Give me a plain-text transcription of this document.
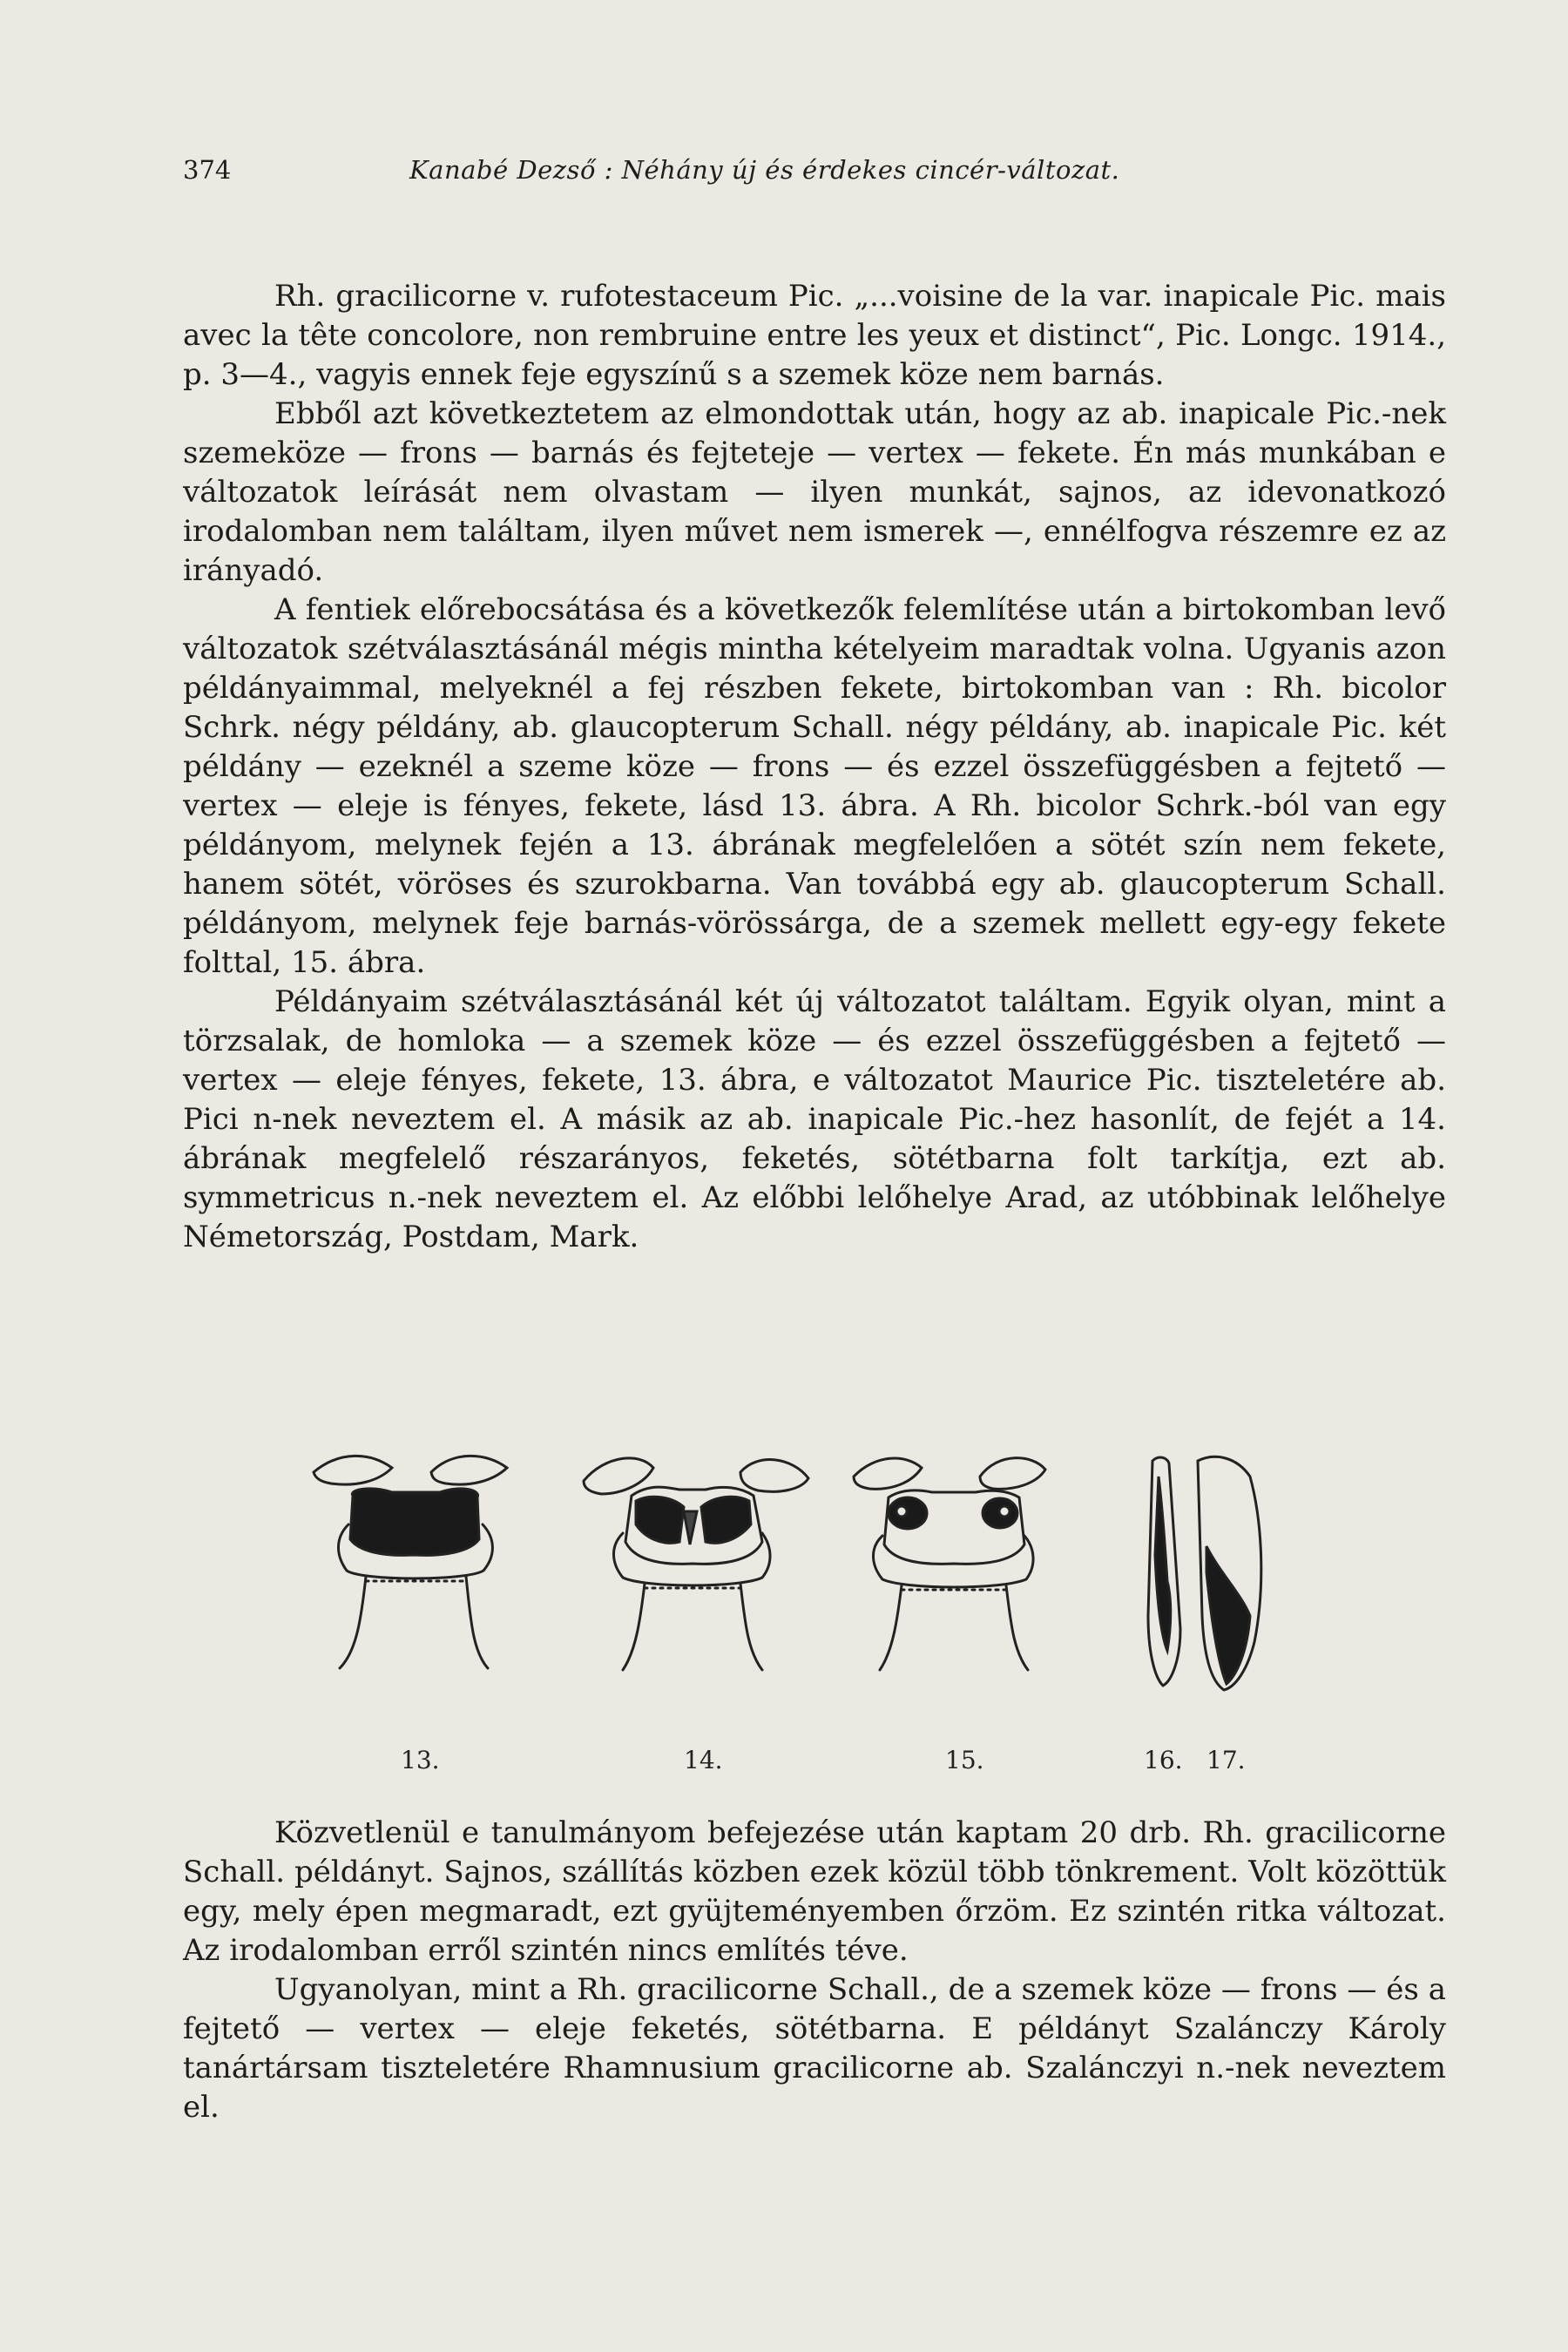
374	Kanabé Dezső : Néhány új és érdekes cincér-változat.

Rh. gracilicorne v. rufotestaceum Pic. „...voisine de la var. inapicale Pic. mais avec la tête concolore, non rembruine entre les yeux et distinct“, Pic. Longc. 1914., p. 3—4., vagyis ennek feje egyszínű s a szemek köze nem barnás.

Ebből azt következtetem az elmondottak után, hogy az ab. inapicale Pic.-nek szemeköze — frons — barnás és fejteteje — vertex — fekete. Én más munkában e változatok leírását nem olvastam — ilyen munkát, sajnos, az idevonatkozó irodalomban nem találtam, ilyen művet nem ismerek —, ennélfogva részemre ez az irányadó.

A fentiek előrebocsátása és a következők felemlítése után a birtokomban levő változatok szétválasztásánál mégis mintha kételyeim maradtak volna. Ugyanis azon példányaimmal, melyeknél a fej részben fekete, birtokomban van : Rh. bicolor Schrk. négy példány, ab. glaucopterum Schall. négy példány, ab. inapicale Pic. két példány — ezeknél a szeme köze — frons — és ezzel összefüggésben a fejtető — vertex — eleje is fényes, fekete, lásd 13. ábra. A Rh. bicolor Schrk.-ból van egy példányom, melynek fején a 13. ábrának megfelelően a sötét szín nem fekete, hanem sötét, vöröses és szurokbarna. Van továbbá egy ab. glaucopterum Schall. példányom, melynek feje barnás-vörössárga, de a szemek mellett egy-egy fekete folttal, 15. ábra.

Példányaim szétválasztásánál két új változatot találtam. Egyik olyan, mint a törzsalak, de homloka — a szemek köze — és ezzel összefüggésben a fejtető — vertex — eleje fényes, fekete, 13. ábra, e változatot Maurice Pic. tiszteletére ab. Pici n-nek neveztem el. A másik az ab. inapicale Pic.-hez hasonlít, de fejét a 14. ábrának megfelelő részarányos, feketés, sötétbarna folt tarkítja, ezt ab. symmetricus n.-nek neveztem el. Az előbbi lelőhelye Arad, az utóbbinak lelőhelye Németország, Postdam, Mark.

13.	14.	15.	16. 17.

Közvetlenül e tanulmányom befejezése után kaptam 20 drb. Rh. gracilicorne Schall. példányt. Sajnos, szállítás közben ezek közül több tönkrement. Volt közöttük egy, mely épen megmaradt, ezt gyüjteményemben őrzöm. Ez szintén ritka változat. Az irodalomban erről szintén nincs említés téve.

Ugyanolyan, mint a Rh. gracilicorne Schall., de a szemek köze — frons — és a fejtető — vertex — eleje feketés, sötétbarna. E példányt Szalánczy Károly tanártársam tiszteletére Rhamnusium gracilicorne ab. Szalánczyi n.-nek neveztem el.
